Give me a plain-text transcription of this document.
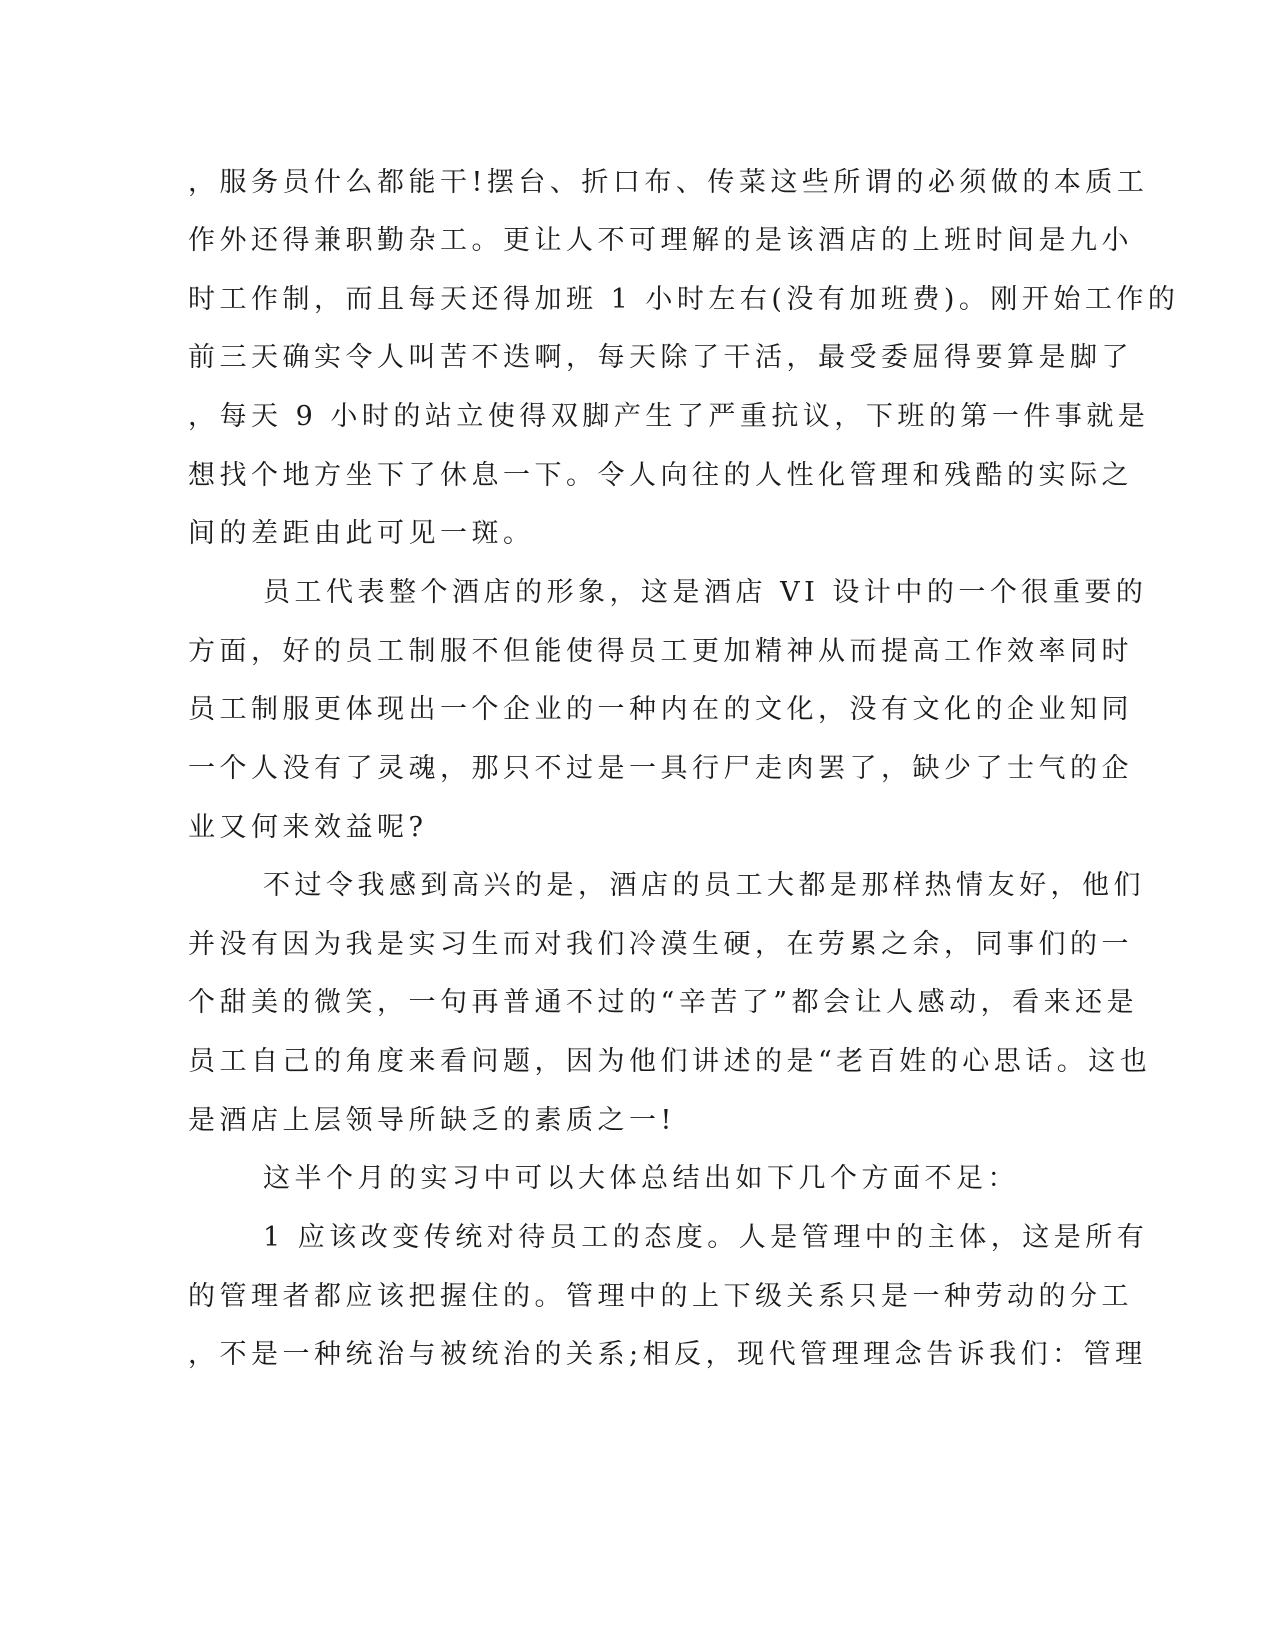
，服务员什么都能干!摆台、折口布、传菜这些所谓的必须做的本质工
作外还得兼职勤杂工。更让人不可理解的是该酒店的上班时间是九小
时工作制，而且每天还得加班 1 小时左右(没有加班费)。刚开始工作的
前三天确实令人叫苦不迭啊，每天除了干活，最受委屈得要算是脚了
，每天 9 小时的站立使得双脚产生了严重抗议，下班的第一件事就是
想找个地方坐下了休息一下。令人向往的人性化管理和残酷的实际之
间的差距由此可见一斑。
员工代表整个酒店的形象，这是酒店 VI 设计中的一个很重要的
方面，好的员工制服不但能使得员工更加精神从而提高工作效率同时
员工制服更体现出一个企业的一种内在的文化，没有文化的企业知同
一个人没有了灵魂，那只不过是一具行尸走肉罢了，缺少了士气的企
业又何来效益呢?
不过令我感到高兴的是，酒店的员工大都是那样热情友好，他们
并没有因为我是实习生而对我们冷漠生硬，在劳累之余，同事们的一
个甜美的微笑，一句再普通不过的“辛苦了”都会让人感动，看来还是
员工自己的角度来看问题，因为他们讲述的是“老百姓的心思话。这也
是酒店上层领导所缺乏的素质之一!
这半个月的实习中可以大体总结出如下几个方面不足：
1 应该改变传统对待员工的态度。人是管理中的主体，这是所有
的管理者都应该把握住的。管理中的上下级关系只是一种劳动的分工
，不是一种统治与被统治的关系;相反，现代管理理念告诉我们：管理
